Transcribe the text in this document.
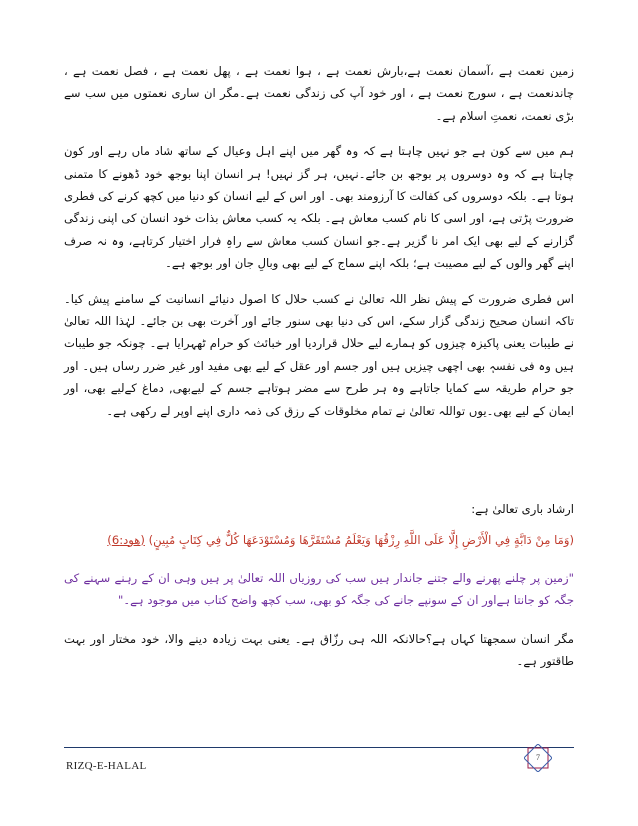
زمین نعمت ہے ،آسمان نعمت ہے،بارش نعمت ہے ، ہوا نعمت ہے ، پھل نعمت ہے ، فصل نعمت ہے ، چاندنعمت ہے ، سورج نعمت ہے ، اور خود آپ کی زندگی نعمت ہے۔مگر ان ساری نعمتوں میں سب سے بڑی نعمت، نعمتِ اسلام ہے۔

ہم میں سے کون ہے جو نہیں چاہتا ہے کہ وہ گھر میں اپنے اہل وعیال کے ساتھ شاد ماں رہے اور کون چاہتا ہے کہ وہ دوسروں پر بوجھ بن جائے۔نہیں، ہر گز نہیں! ہر انسان اپنا بوجھ خود ڈھونے کا متمنی ہوتا ہے۔ بلکہ دوسروں کی کفالت کا آرزومند بھی۔ اور اس کے لیے انسان کو دنیا میں کچھ کرنے کی فطری ضرورت پڑتی ہے، اور اسی کا نام کسب معاش ہے۔ بلکہ یہ کسب معاش بذات خود انسان کی اپنی زندگی گزارنے کے لیے بھی ایک امر نا گزیر ہے۔جو انسان کسب معاش سے راہِ فرار اختیار کرتاہے، وہ نہ صرف اپنے گھر والوں کے لیے مصیبت ہے؛ بلکہ اپنے سماج کے لیے بھی وبالِ جان اور بوجھ ہے۔

اس فطری ضرورت کے پیش نظر اللہ تعالیٰ نے کسب حلال کا اصول دنیائے انسانیت کے سامنے پیش کیا۔ تاکہ انسان صحیح زندگی گزار سکے، اس کی دنیا بھی سنور جائے اور آخرت بھی بن جائے۔ لہٰذا اللہ تعالیٰ نے طیبات یعنی پاکیزہ چیزوں کو ہمارے لیے حلال قراردیا اور خبائث کو حرام ٹھہرایا ہے۔ چونکہ جو طیبات ہیں وہ فی نفسہٖ بھی اچھی چیزیں ہیں اور جسم اور عقل کے لیے بھی مفید اور غیر ضرر رساں ہیں۔ اور جو حرام طریقہ سے کمایا جاتاہے وہ ہر طرح سے مضر ہوتاہے جسم کے لیےبھی, دماغ کےلیے بھی، اور ایمان کے لیے بھی۔یوں تواللہ تعالیٰ نے تمام مخلوقات کے رزق کی ذمہ داری اپنے اوپر لے رکھی ہے۔

ارشاد باری تعالیٰ ہے:

(وَمَا مِنْ دَابَّةٍ فِي الْأَرْضِ إِلَّا عَلَى اللَّهِ رِزْقُهَا وَيَعْلَمُ مُسْتَقَرَّهَا وَمُسْتَوْدَعَهَا كُلٌّ فِي كِتَابٍ مُبِينٍ) (ھود:6)

"زمین پر چلنے پھرنے والے جتنے جاندار ہیں سب کی روزیاں اللہ تعالیٰ پر ہیں وہی ان کے رہنے سہنے کی جگہ کو جانتا ہےاور ان کے سونپے جانے کی جگہ کو بھی، سب کچھ واضح کتاب میں موجود ہے۔"

مگر انسان سمجھتا کہاں ہے؟حالانکہ اللہ ہی رزّاق ہے۔ یعنی بہت زیادہ دینے والا، خود مختار اور بہت طاقتور ہے۔

RIZQ-E-HALAL
7
